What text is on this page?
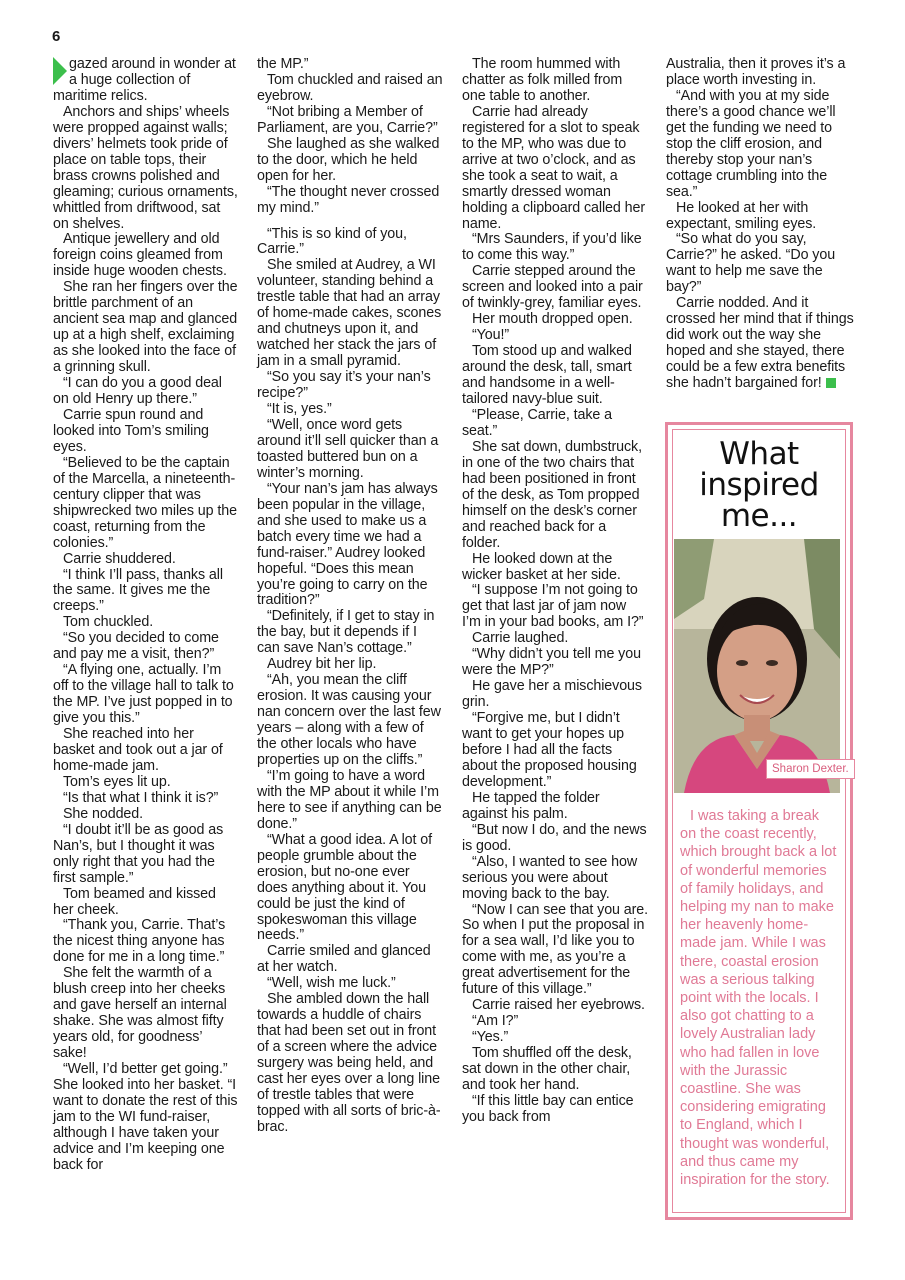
6

gazed around in wonder at a huge collection of maritime relics.

Anchors and ships’ wheels were propped against walls; divers’ helmets took pride of place on table tops, their brass crowns polished and gleaming; curious ornaments, whittled from driftwood, sat on shelves.

Antique jewellery and old foreign coins gleamed from inside huge wooden chests.

She ran her fingers over the brittle parchment of an ancient sea map and glanced up at a high shelf, exclaiming as she looked into the face of a grinning skull.

“I can do you a good deal on old Henry up there.”

Carrie spun round and looked into Tom’s smiling eyes.

“Believed to be the captain of the Marcella, a nineteenth-century clipper that was shipwrecked two miles up the coast, returning from the colonies.”

Carrie shuddered.

“I think I’ll pass, thanks all the same. It gives me the creeps.”

Tom chuckled.

“So you decided to come and pay me a visit, then?”

“A flying one, actually. I’m off to the village hall to talk to the MP. I’ve just popped in to give you this.”

She reached into her basket and took out a jar of home-made jam.

Tom’s eyes lit up.

“Is that what I think it is?”

She nodded.

“I doubt it’ll be as good as Nan’s, but I thought it was only right that you had the first sample.”

Tom beamed and kissed her cheek.

“Thank you, Carrie. That’s the nicest thing anyone has done for me in a long time.”

She felt the warmth of a blush creep into her cheeks and gave herself an internal shake. She was almost fifty years old, for goodness’ sake!

“Well, I’d better get going.” She looked into her basket. “I want to donate the rest of this jam to the WI fund-raiser, although I have taken your advice and I’m keeping one back for

the MP.”

Tom chuckled and raised an eyebrow.

“Not bribing a Member of Parliament, are you, Carrie?”

She laughed as she walked to the door, which he held open for her.

“The thought never crossed my mind.”

“This is so kind of you, Carrie.”

She smiled at Audrey, a WI volunteer, standing behind a trestle table that had an array of home-made cakes, scones and chutneys upon it, and watched her stack the jars of jam in a small pyramid.

“So you say it’s your nan’s recipe?”

“It is, yes.”

“Well, once word gets around it’ll sell quicker than a toasted buttered bun on a winter’s morning.

“Your nan’s jam has always been popular in the village, and she used to make us a batch every time we had a fund-raiser.” Audrey looked hopeful. “Does this mean you’re going to carry on the tradition?”

“Definitely, if I get to stay in the bay, but it depends if I can save Nan’s cottage.”

Audrey bit her lip.

“Ah, you mean the cliff erosion. It was causing your nan concern over the last few years – along with a few of the other locals who have properties up on the cliffs.”

“I’m going to have a word with the MP about it while I’m here to see if anything can be done.”

“What a good idea. A lot of people grumble about the erosion, but no-one ever does anything about it. You could be just the kind of spokeswoman this village needs.”

Carrie smiled and glanced at her watch.

“Well, wish me luck.”

She ambled down the hall towards a huddle of chairs that had been set out in front of a screen where the advice surgery was being held, and cast her eyes over a long line of trestle tables that were topped with all sorts of bric-à-brac.

The room hummed with chatter as folk milled from one table to another.

Carrie had already registered for a slot to speak to the MP, who was due to arrive at two o’clock, and as she took a seat to wait, a smartly dressed woman holding a clipboard called her name.

“Mrs Saunders, if you’d like to come this way.”

Carrie stepped around the screen and looked into a pair of twinkly-grey, familiar eyes.

Her mouth dropped open.

“You!”

Tom stood up and walked around the desk, tall, smart and handsome in a well-tailored navy-blue suit.

“Please, Carrie, take a seat.”

She sat down, dumbstruck, in one of the two chairs that had been positioned in front of the desk, as Tom propped himself on the desk’s corner and reached back for a folder.

He looked down at the wicker basket at her side.

“I suppose I’m not going to get that last jar of jam now I’m in your bad books, am I?”

Carrie laughed.

“Why didn’t you tell me you were the MP?”

He gave her a mischievous grin.

“Forgive me, but I didn’t want to get your hopes up before I had all the facts about the proposed housing development.”

He tapped the folder against his palm.

“But now I do, and the news is good.

“Also, I wanted to see how serious you were about moving back to the bay.

“Now I can see that you are. So when I put the proposal in for a sea wall, I’d like you to come with me, as you’re a great advertisement for the future of this village.”

Carrie raised her eyebrows.

“Am I?”

“Yes.”

Tom shuffled off the desk, sat down in the other chair, and took her hand.

“If this little bay can entice you back from

Australia, then it proves it’s a place worth investing in.

“And with you at my side there’s a good chance we’ll get the funding we need to stop the cliff erosion, and thereby stop your nan’s cottage crumbling into the sea.”

He looked at her with expectant, smiling eyes.

“So what do you say, Carrie?” he asked. “Do you want to help me save the bay?”

Carrie nodded. And it crossed her mind that if things did work out the way she hoped and she stayed, there could be a few extra benefits she hadn’t bargained for!

What inspired me...
Sharon Dexter.

I was taking a break on the coast recently, which brought back a lot of wonderful memories of family holidays, and helping my nan to make her heavenly home-made jam. While I was there, coastal erosion was a serious talking point with the locals. I also got chatting to a lovely Australian lady who had fallen in love with the Jurassic coastline. She was considering emigrating to England, which I thought was wonderful, and thus came my inspiration for the story.
